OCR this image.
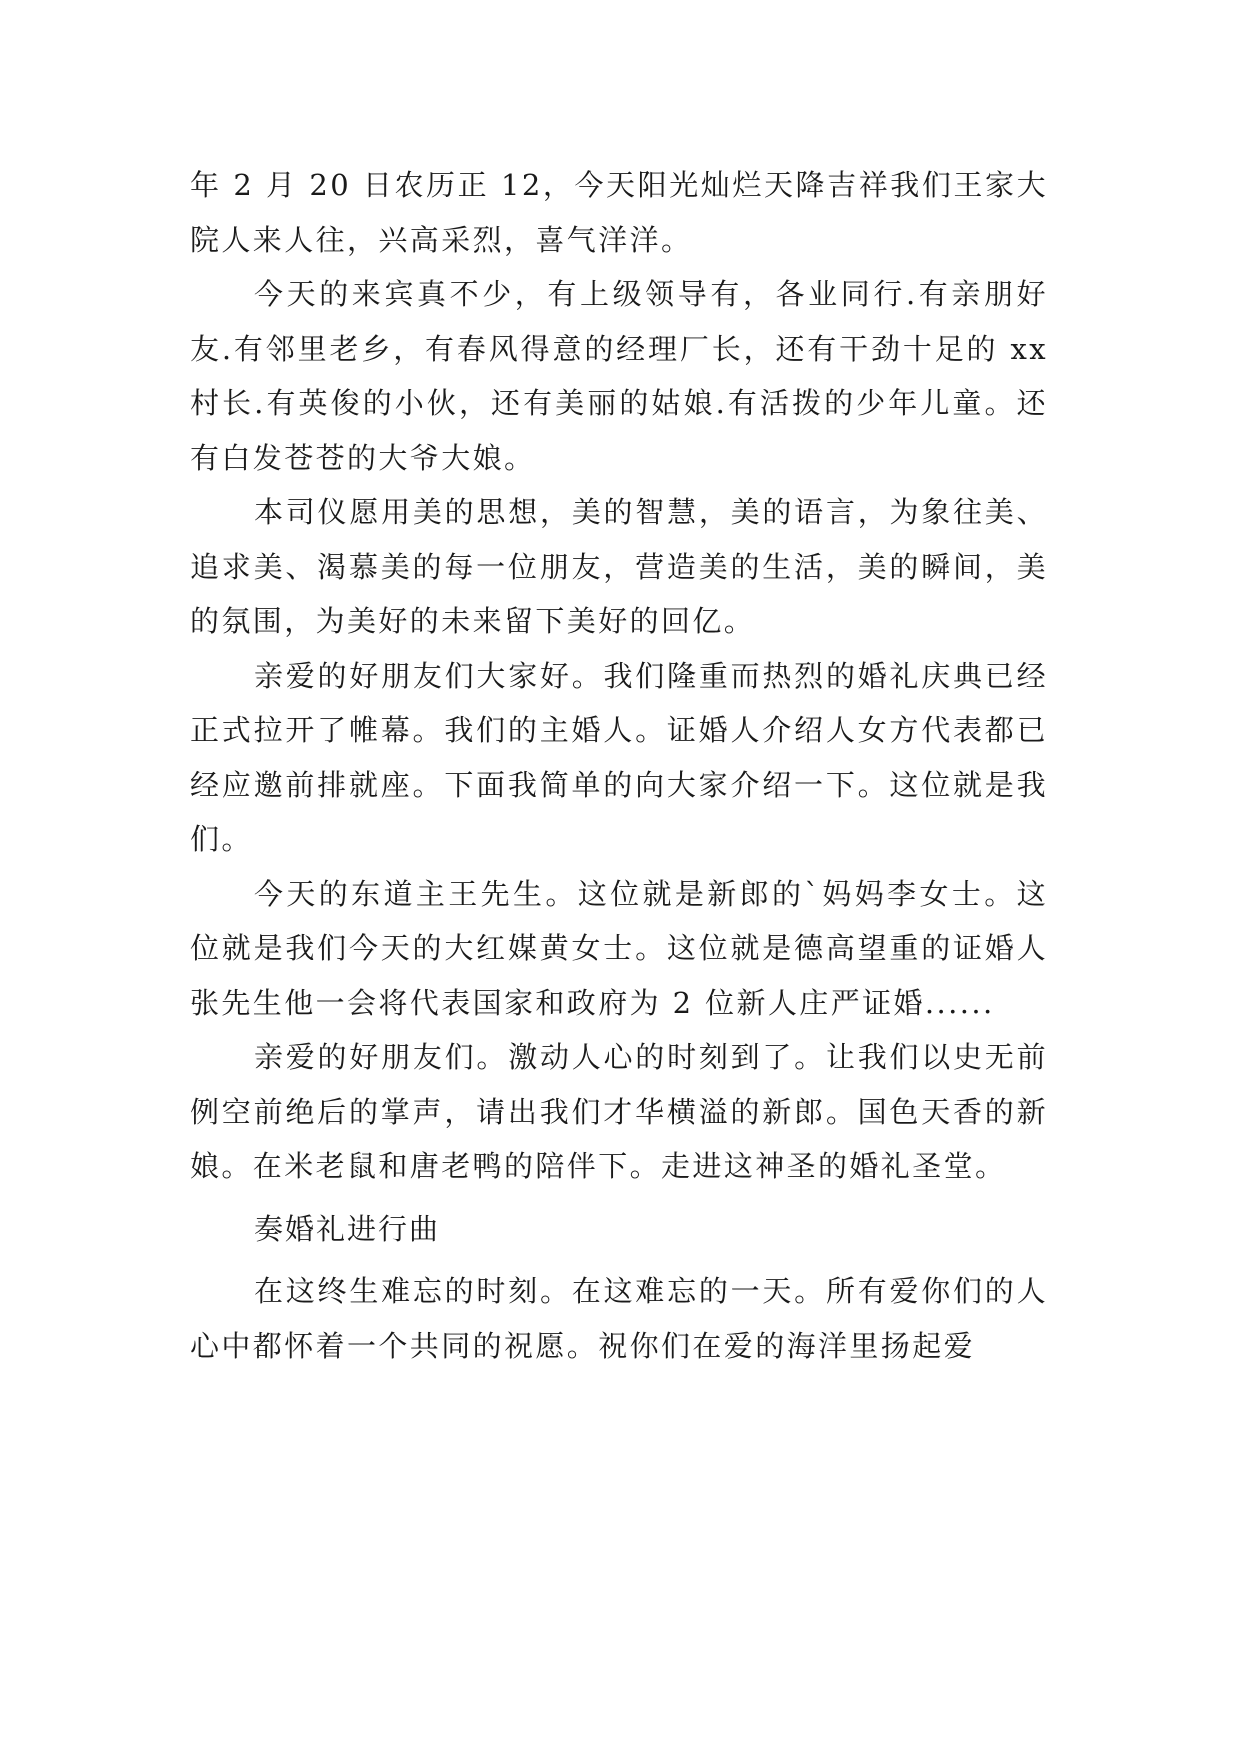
年 2 月 20 日农历正 12，今天阳光灿烂天降吉祥我们王家大院人来人往，兴高采烈，喜气洋洋。

今天的来宾真不少，有上级领导有，各业同行.有亲朋好友.有邻里老乡，有春风得意的经理厂长，还有干劲十足的 xx 村长.有英俊的小伙，还有美丽的姑娘.有活拨的少年儿童。还有白发苍苍的大爷大娘。

本司仪愿用美的思想，美的智慧，美的语言，为象往美、追求美、渴慕美的每一位朋友，营造美的生活，美的瞬间，美的氛围，为美好的未来留下美好的回亿。

亲爱的好朋友们大家好。我们隆重而热烈的婚礼庆典已经正式拉开了帷幕。我们的主婚人。证婚人介绍人女方代表都已经应邀前排就座。下面我简单的向大家介绍一下。这位就是我们。

今天的东道主王先生。这位就是新郎的`妈妈李女士。这位就是我们今天的大红媒黄女士。这位就是德高望重的证婚人张先生他一会将代表国家和政府为 2 位新人庄严证婚......

亲爱的好朋友们。激动人心的时刻到了。让我们以史无前例空前绝后的掌声，请出我们才华横溢的新郎。国色天香的新娘。在米老鼠和唐老鸭的陪伴下。走进这神圣的婚礼圣堂。

奏婚礼进行曲

在这终生难忘的时刻。在这难忘的一天。所有爱你们的人心中都怀着一个共同的祝愿。祝你们在爱的海洋里扬起爱
